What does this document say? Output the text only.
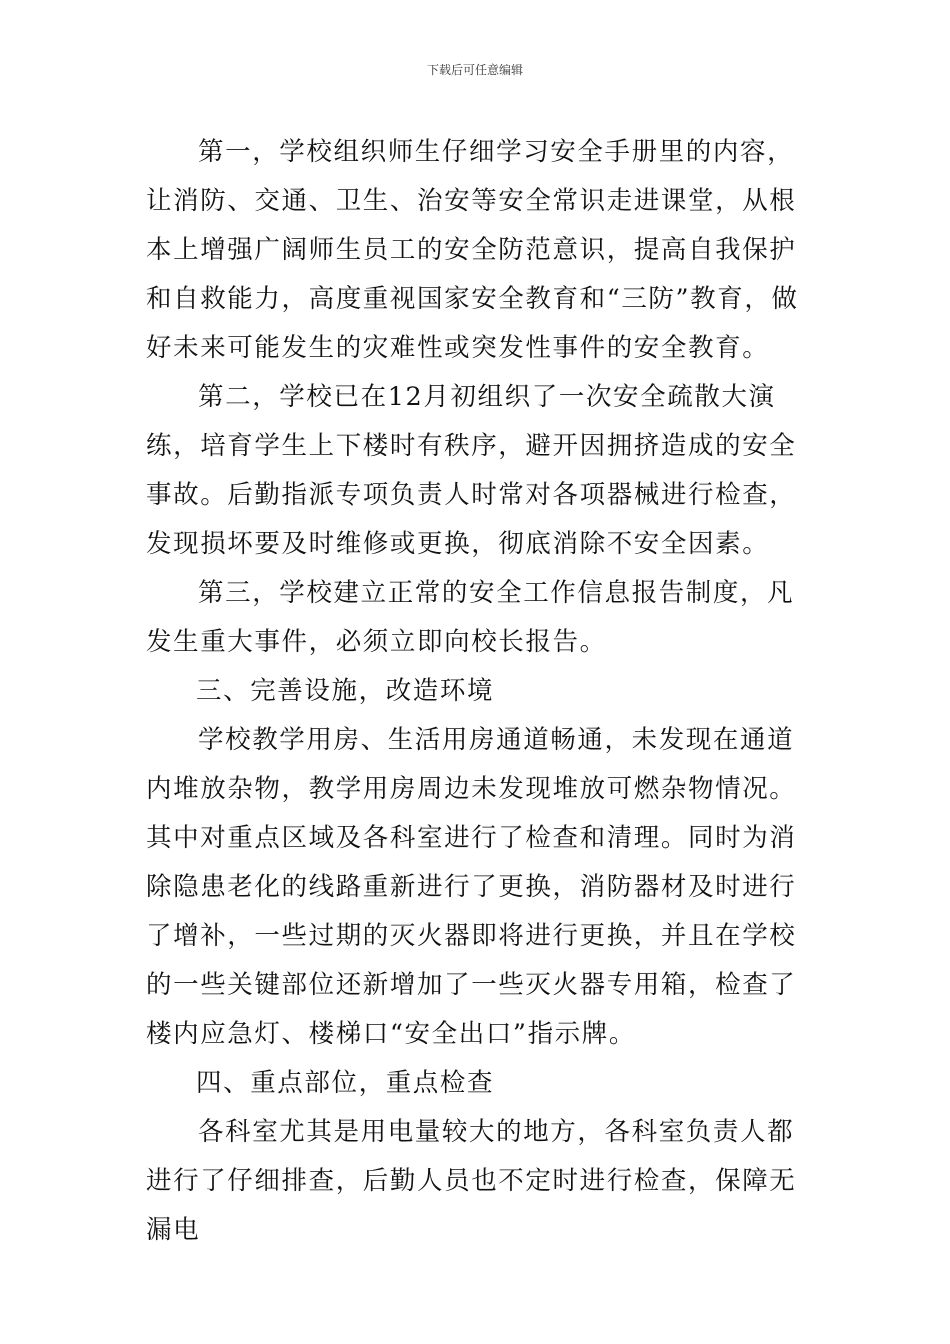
下载后可任意编辑

第一，学校组织师生仔细学习安全手册里的内容，让消防、交通、卫生、治安等安全常识走进课堂，从根本上增强广阔师生员工的安全防范意识，提高自我保护和自救能力，高度重视国家安全教育和“三防”教育，做好未来可能发生的灾难性或突发性事件的安全教育。

第二，学校已在12月初组织了一次安全疏散大演练，培育学生上下楼时有秩序，避开因拥挤造成的安全事故。后勤指派专项负责人时常对各项器械进行检查，发现损坏要及时维修或更换，彻底消除不安全因素。

第三，学校建立正常的安全工作信息报告制度，凡发生重大事件，必须立即向校长报告。

三、完善设施，改造环境

学校教学用房、生活用房通道畅通，未发现在通道内堆放杂物，教学用房周边未发现堆放可燃杂物情况。其中对重点区域及各科室进行了检查和清理。同时为消除隐患老化的线路重新进行了更换，消防器材及时进行了增补，一些过期的灭火器即将进行更换，并且在学校的一些关键部位还新增加了一些灭火器专用箱，检查了楼内应急灯、楼梯口“安全出口”指示牌。

四、重点部位，重点检查

各科室尤其是用电量较大的地方，各科室负责人都进行了仔细排查，后勤人员也不定时进行检查，保障无漏电
